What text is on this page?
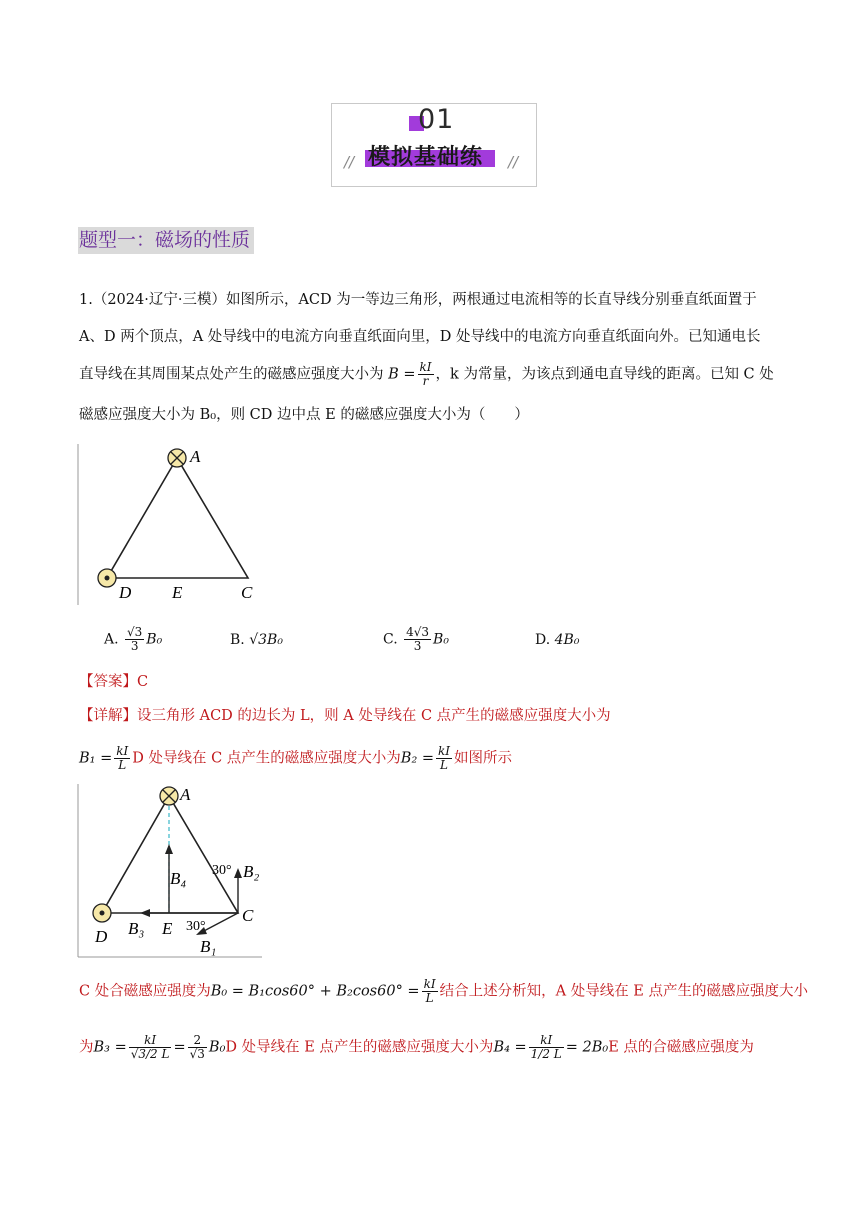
01
模拟基础练
//	//
题型一：磁场的性质
1.（2024·辽宁·三模）如图所示，ACD 为一等边三角形，两根通过电流相等的长直导线分别垂直纸面置于
A、D 两个顶点，A 处导线中的电流方向垂直纸面向里，D 处导线中的电流方向垂直纸面向外。已知通电长
直导线在其周围某点处产生的磁感应强度大小为 $B = \frac{kI}{r}$ ，k 为常量，为该点到通电直导线的距离。已知 C 处
磁感应强度大小为 B₀，则 CD 边中点 E 的磁感应强度大小为（　　）
A
D E	C
A. $\frac{√3}{3} B_0$	B. √3B₀	C. $\frac{4√3}{3} B_0$	D. 4B₀
【答案】C
【详解】设三角形 ACD 的边长为 L，则 A 处导线在 C 点产生的磁感应强度大小为
$B_1 = \frac{kI}{L}$ D 处导线在 C 点产生的磁感应强度大小为$B_2 = \frac{kI}{L}$ 如图所示
A
D	E
C
B₁
B₂
B₃
B₄ 30°
30°
C 处合磁感应强度为$B_0 = B_1\cos 60^\circ + B_2\cos 60^\circ = \frac{kI}{L}$ 结合上述分析知，A 处导线在 E 点产生的磁感应强度大小
为$B_3 = \frac{kI}{√3/2 L} = \frac{2}{√3} B_0D$ 处导线在 E 点产生的磁感应强度大小为$B_4 = \frac{kI}{1/2 L} = 2B_0E$ 点的合磁感应强度为
